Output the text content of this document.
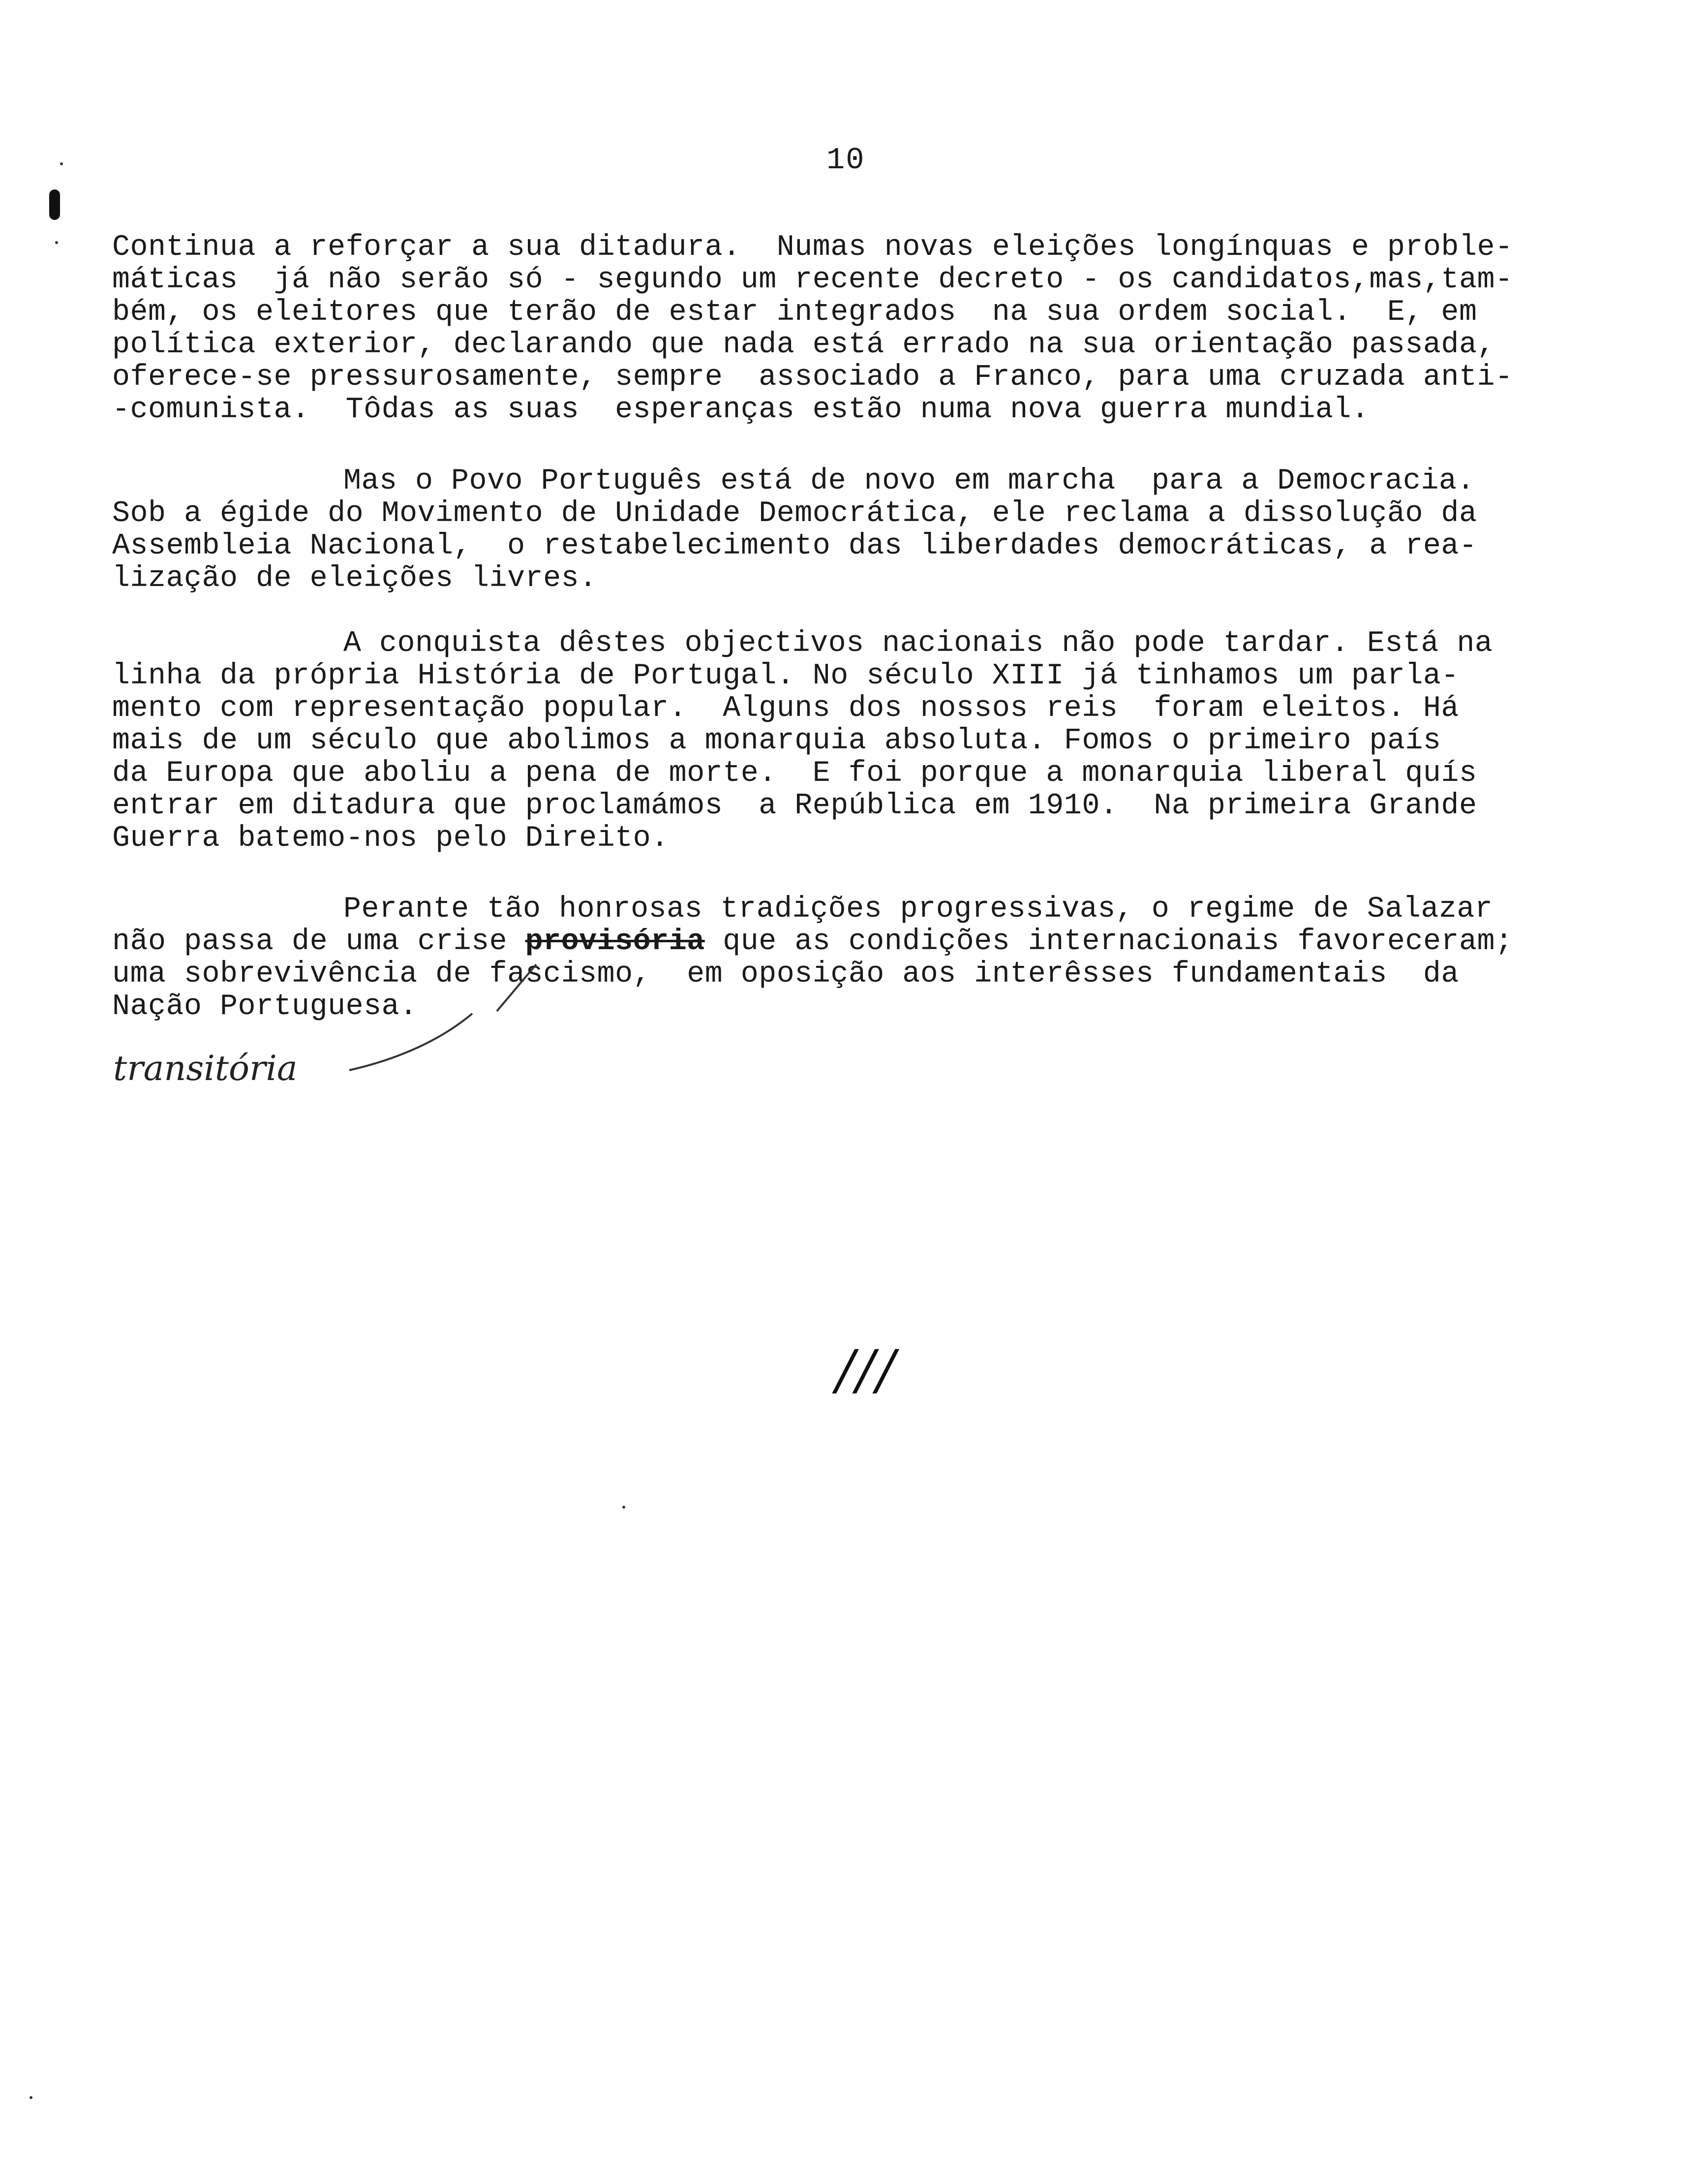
10
Continua a reforçar a sua ditadura.  Numas novas eleições longínquas e proble-
máticas  já não serão só - segundo um recente decreto - os candidatos,mas,tam-
bém, os eleitores que terão de estar integrados  na sua ordem social.  E, em
política exterior, declarando que nada está errado na sua orientação passada,
oferece-se pressurosamente, sempre  associado a Franco, para uma cruzada anti-
-comunista.  Tôdas as suas  esperanças estão numa nova guerra mundial.
Mas o Povo Português está de novo em marcha  para a Democracia.
Sob a égide do Movimento de Unidade Democrática, ele reclama a dissolução da
Assembleia Nacional,  o restabelecimento das liberdades democráticas, a rea-
lização de eleições livres.
A conquista dêstes objectivos nacionais não pode tardar. Está na
linha da própria História de Portugal. No século XIII já tinhamos um parla-
mento com representação popular.  Alguns dos nossos reis  foram eleitos. Há
mais de um século que abolimos a monarquia absoluta. Fomos o primeiro país
da Europa que aboliu a pena de morte.  E foi porque a monarquia liberal quís
entrar em ditadura que proclamámos  a República em 1910.  Na primeira Grande
Guerra batemo-nos pelo Direito.
Perante tão honrosas tradições progressivas, o regime de Salazar
não passa de uma crise provisória que as condições internacionais favoreceram;
uma sobrevivência de fascismo,  em oposição aos interêsses fundamentais  da
Nação Portuguesa.
transitória
///
